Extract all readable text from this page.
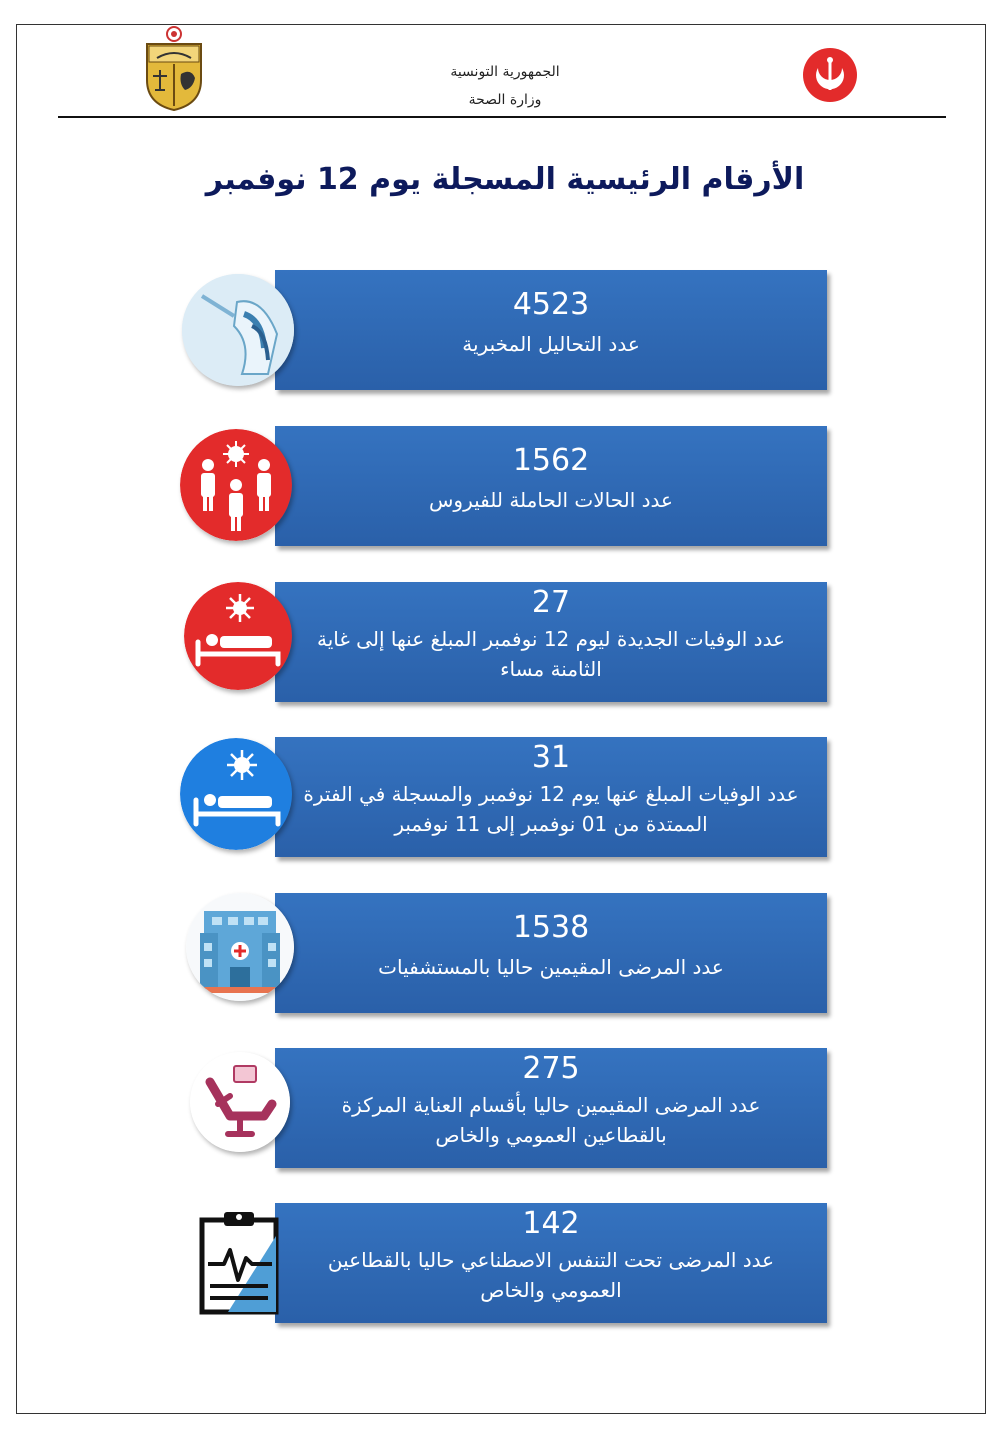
الجمهورية التونسية
وزارة الصحة
الأرقام الرئيسية المسجلة يوم 12 نوفمبر
4523
عدد التحاليل المخبرية
1562
عدد الحالات الحاملة للفيروس
27
عدد الوفيات الجديدة ليوم 12 نوفمبر المبلغ عنها إلى غاية الثامنة مساء
31
عدد الوفيات المبلغ عنها يوم 12 نوفمبر والمسجلة في الفترة الممتدة من 01 نوفمبر إلى 11 نوفمبر
1538
عدد المرضى المقيمين حاليا بالمستشفيات
275
عدد المرضى المقيمين حاليا بأقسام العناية المركزة بالقطاعين العمومي والخاص
142
عدد المرضى تحت التنفس الاصطناعي حاليا بالقطاعين العمومي والخاص
